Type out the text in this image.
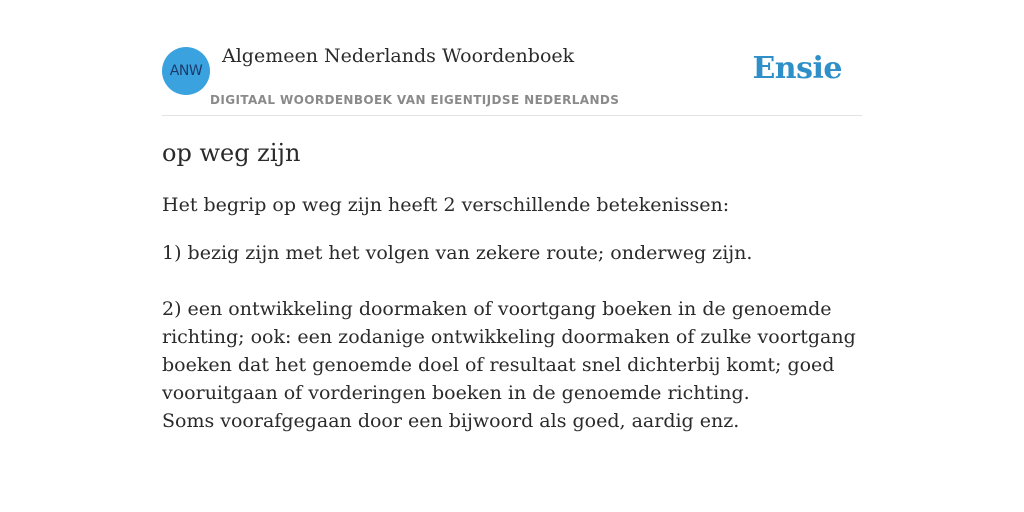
ANW
Algemeen Nederlands Woordenboek
DIGITAAL WOORDENBOEK VAN EIGENTIJDSE NEDERLANDS
Ensie
op weg zijn
Het begrip op weg zijn heeft 2 verschillende betekenissen:
1) bezig zijn met het volgen van zekere route; onderweg zijn.
2) een ontwikkeling doormaken of voortgang boeken in de genoemde richting; ook: een zodanige ontwikkeling doormaken of zulke voortgang boeken dat het genoemde doel of resultaat snel dichterbij komt; goed vooruitgaan of vorderingen boeken in de genoemde richting.
Soms voorafgegaan door een bijwoord als goed, aardig enz.
